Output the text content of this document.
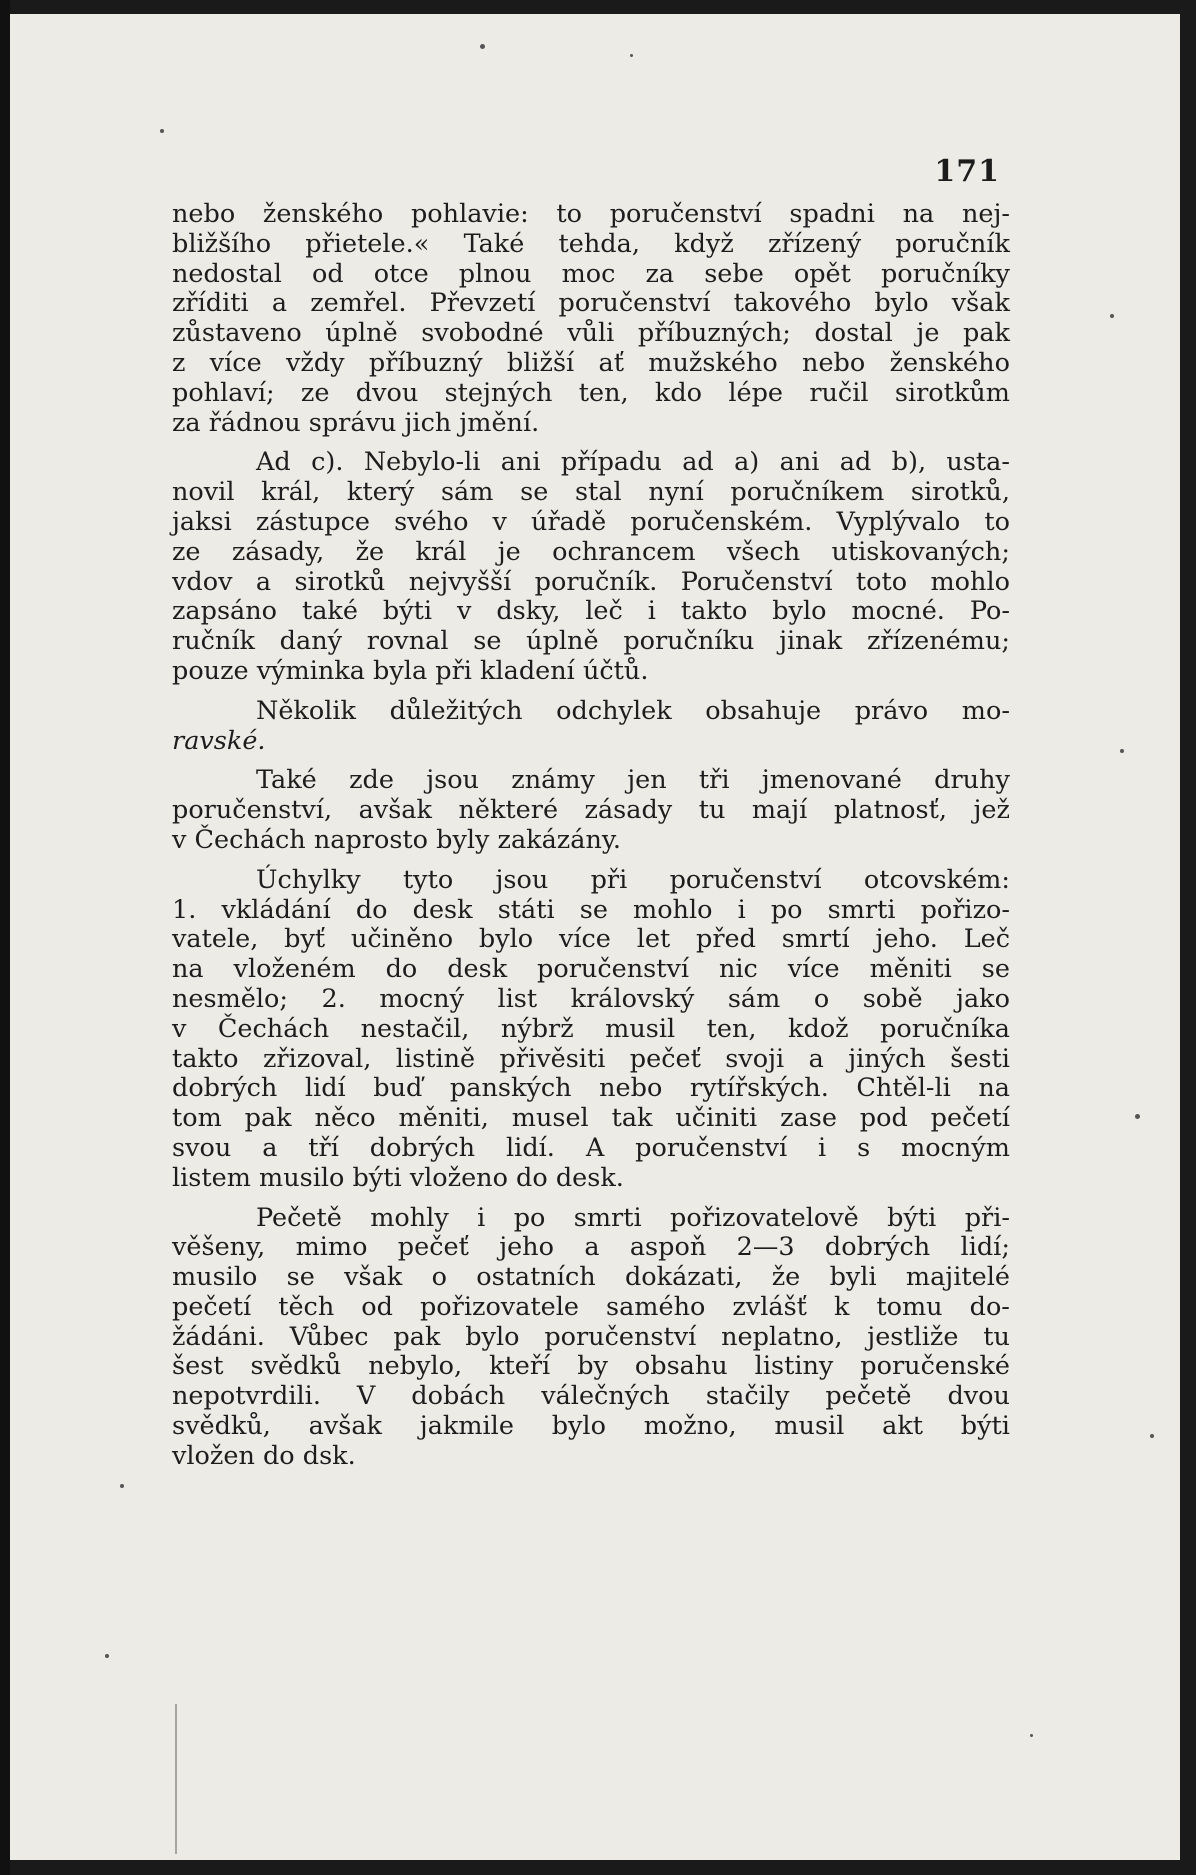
171
nebo ženského pohlavie: to poručenství spadni na nej-
bližšího přietele.« Také tehda, když zřízený poručník
nedostal od otce plnou moc za sebe opět poručníky
zříditi a zemřel. Převzetí poručenství takového bylo však
zůstaveno úplně svobodné vůli příbuzných; dostal je pak
z více vždy příbuzný bližší ať mužského nebo ženského
pohlaví; ze dvou stejných ten, kdo lépe ručil sirotkům
za řádnou správu jich jmění.
Ad c). Nebylo-li ani případu ad a) ani ad b), usta-
novil král, který sám se stal nyní poručníkem sirotků,
jaksi zástupce svého v úřadě poručenském. Vyplývalo to
ze zásady, že král je ochrancem všech utiskovaných;
vdov a sirotků nejvyšší poručník. Poručenství toto mohlo
zapsáno také býti v dsky, leč i takto bylo mocné. Po-
ručník daný rovnal se úplně poručníku jinak zřízenému;
pouze výminka byla při kladení účtů.
Několik důležitých odchylek obsahuje právo mo-
ravské.
Také zde jsou známy jen tři jmenované druhy
poručenství, avšak některé zásady tu mají platnosť, jež
v Čechách naprosto byly zakázány.
Úchylky tyto jsou při poručenství otcovském:
1. vkládání do desk státi se mohlo i po smrti pořizo-
vatele, byť učiněno bylo více let před smrtí jeho. Leč
na vloženém do desk poručenství nic více měniti se
nesmělo; 2. mocný list královský sám o sobě jako
v Čechách nestačil, nýbrž musil ten, kdož poručníka
takto zřizoval, listině přivěsiti pečeť svoji a jiných šesti
dobrých lidí buď panských nebo rytířských. Chtěl-li na
tom pak něco měniti, musel tak učiniti zase pod pečetí
svou a tří dobrých lidí. A poručenství i s mocným
listem musilo býti vloženo do desk.
Pečetě mohly i po smrti pořizovatelově býti při-
věšeny, mimo pečeť jeho a aspoň 2—3 dobrých lidí;
musilo se však o ostatních dokázati, že byli majitelé
pečetí těch od pořizovatele samého zvlášť k tomu do-
žádáni. Vůbec pak bylo poručenství neplatno, jestliže tu
šest svědků nebylo, kteří by obsahu listiny poručenské
nepotvrdili. V dobách válečných stačily pečetě dvou
svědků, avšak jakmile bylo možno, musil akt býti
vložen do dsk.
